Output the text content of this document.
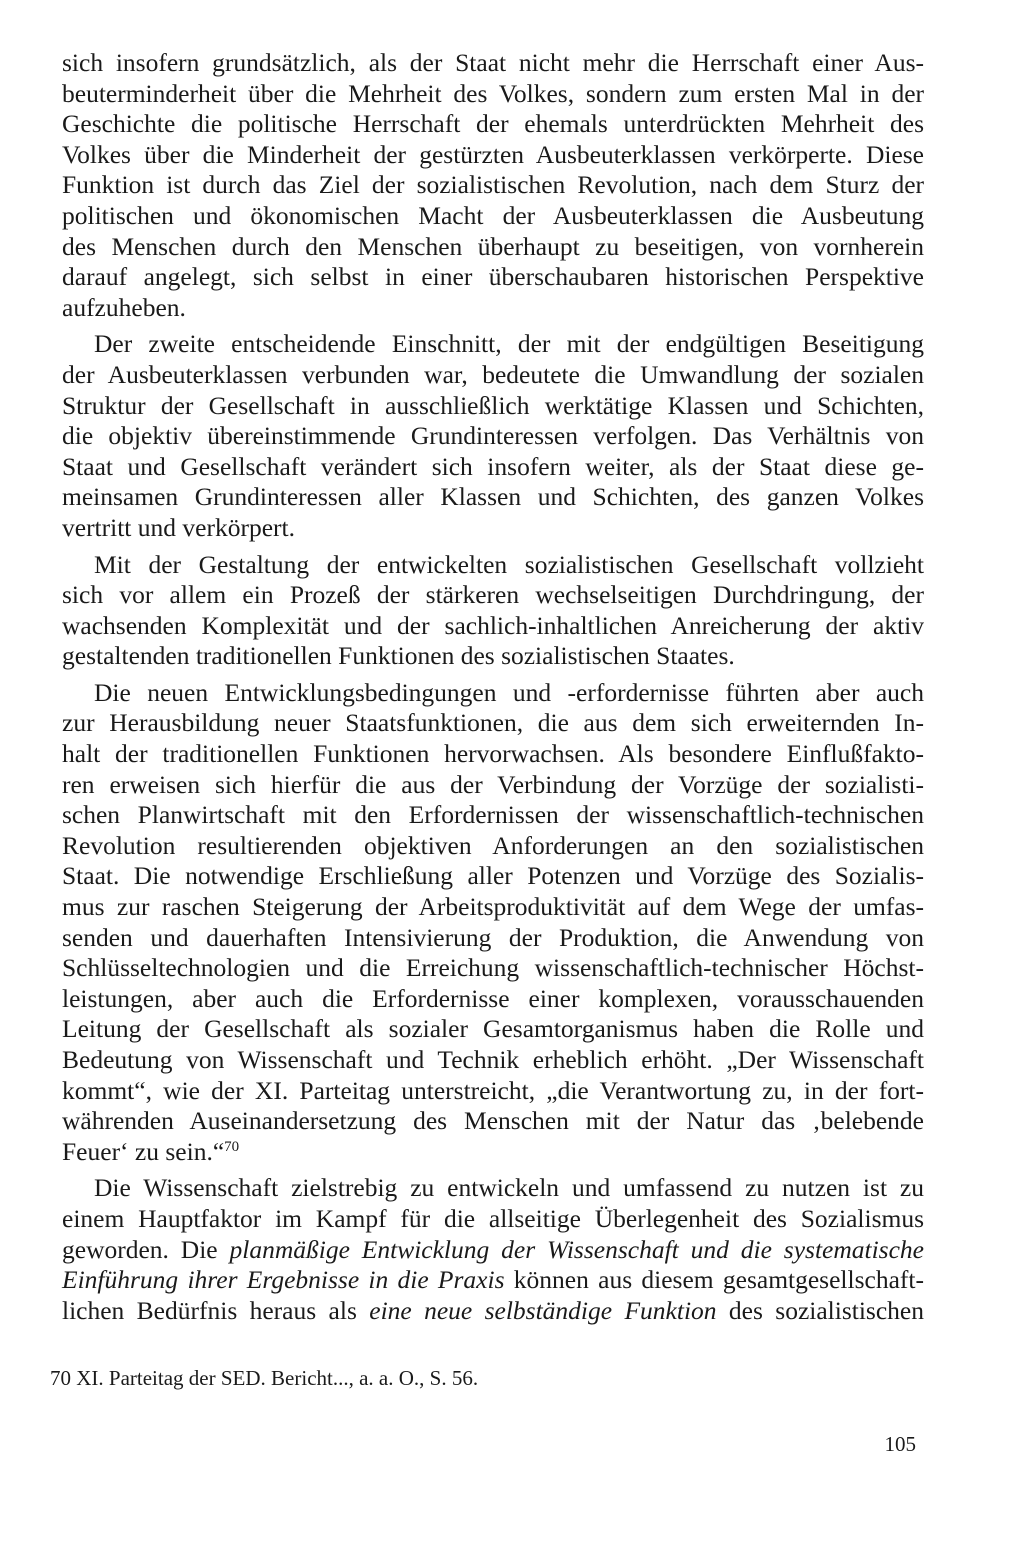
sich insofern grundsätzlich, als der Staat nicht mehr die Herrschaft einer Aus-
beuterminderheit über die Mehrheit des Volkes, sondern zum ersten Mal in der
Geschichte die politische Herrschaft der ehemals unterdrückten Mehrheit des
Volkes über die Minderheit der gestürzten Ausbeuterklassen verkörperte. Diese
Funktion ist durch das Ziel der sozialistischen Revolution, nach dem Sturz der
politischen und ökonomischen Macht der Ausbeuterklassen die Ausbeutung
des Menschen durch den Menschen überhaupt zu beseitigen, von vornherein
darauf angelegt, sich selbst in einer überschaubaren historischen Perspektive
aufzuheben.
Der zweite entscheidende Einschnitt, der mit der endgültigen Beseitigung
der Ausbeuterklassen verbunden war, bedeutete die Umwandlung der sozialen
Struktur der Gesellschaft in ausschließlich werktätige Klassen und Schichten,
die objektiv übereinstimmende Grundinteressen verfolgen. Das Verhältnis von
Staat und Gesellschaft verändert sich insofern weiter, als der Staat diese ge-
meinsamen Grundinteressen aller Klassen und Schichten, des ganzen Volkes
vertritt und verkörpert.
Mit der Gestaltung der entwickelten sozialistischen Gesellschaft vollzieht
sich vor allem ein Prozeß der stärkeren wechselseitigen Durchdringung, der
wachsenden Komplexität und der sachlich-inhaltlichen Anreicherung der aktiv
gestaltenden traditionellen Funktionen des sozialistischen Staates.
Die neuen Entwicklungsbedingungen und -erfordernisse führten aber auch
zur Herausbildung neuer Staatsfunktionen, die aus dem sich erweiternden In-
halt der traditionellen Funktionen hervorwachsen. Als besondere Einflußfakto-
ren erweisen sich hierfür die aus der Verbindung der Vorzüge der sozialisti-
schen Planwirtschaft mit den Erfordernissen der wissenschaftlich-technischen
Revolution resultierenden objektiven Anforderungen an den sozialistischen
Staat. Die notwendige Erschließung aller Potenzen und Vorzüge des Sozialis-
mus zur raschen Steigerung der Arbeitsproduktivität auf dem Wege der umfas-
senden und dauerhaften Intensivierung der Produktion, die Anwendung von
Schlüsseltechnologien und die Erreichung wissenschaftlich-technischer Höchst-
leistungen, aber auch die Erfordernisse einer komplexen, vorausschauenden
Leitung der Gesellschaft als sozialer Gesamtorganismus haben die Rolle und
Bedeutung von Wissenschaft und Technik erheblich erhöht. „Der Wissenschaft
kommt“, wie der XI. Parteitag unterstreicht, „die Verantwortung zu, in der fort-
währenden Auseinandersetzung des Menschen mit der Natur das ‚belebende
Feuer‘ zu sein.“$^{70}$
Die Wissenschaft zielstrebig zu entwickeln und umfassend zu nutzen ist zu
einem Hauptfaktor im Kampf für die allseitige Überlegenheit des Sozialismus
geworden. Die planmäßige Entwicklung der Wissenschaft und die systematische
Einführung ihrer Ergebnisse in die Praxis können aus diesem gesamtgesellschaft-
lichen Bedürfnis heraus als eine neue selbständige Funktion des sozialistischen
70 XI. Parteitag der SED. Bericht..., a. a. O., S. 56.
105
